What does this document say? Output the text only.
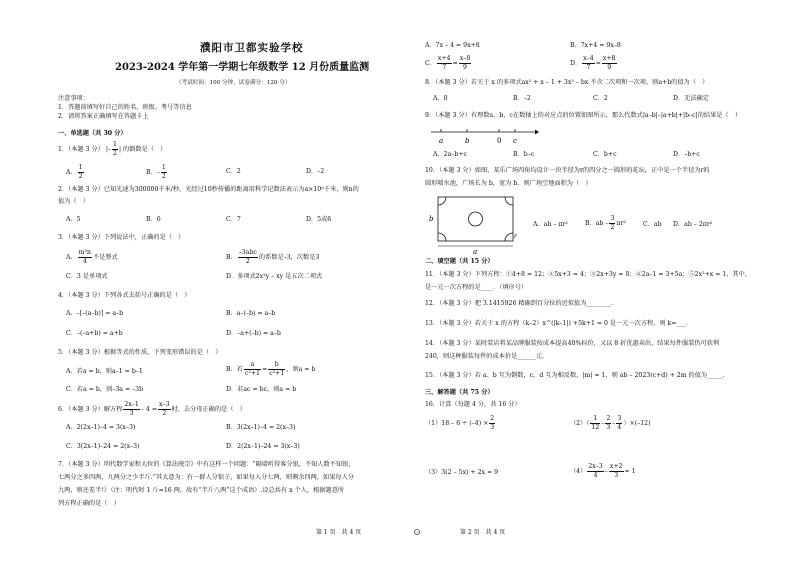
濮阳市卫都实验学校
2023-2024 学年第一学期七年级数学 12 月份质量监测
（考试时间：100 分钟，试卷满分：120 分）
注意事项：
1．答题前填写好自己的姓名、班级、考号等信息
2．请将答案正确填写在答题卡上
一、单选题（共 30 分）
1．（本题 3 分） |– $\frac{1}{2}$ | 的倒数是（　）
A． $\frac{1}{2}$	B．– $\frac{1}{2}$	C．2	D．–2
2．（本题 3 分）已知光速为300000千米/秒，光经过10秒传播的距离用科学记数法表示为a×10ⁿ千米，则n的
值为（　）
A．5	B．6	C．7	D．5或6
3．（本题 3 分）下列说法中，正确的是（　）
A． $\frac{\text{m²n}}{4}$ 不是整式	B． $\frac{\text{–3abc}}{2}$ 的系数是–3，次数是3
C．3 是单项式	D．多项式2x²y – xy 是五次二项式
4．（本题 3 分）下列各式去括号正确的是（　）
A．–[–(a–b)] = a–b	B．a–(–b) = a–b
C．–(–a+b) = a+b	D．–a+(–b) = a–b
5．（本题 3 分）根据等式的性质，下列变形错误的是（　）
A．若a = b，则a–1 = b–1	B．若 $\frac{a}{\text{c²+1}} = \frac{b}{\text{c²+1}}$ ，则a = b
C．若a = b，则–3a = –3b	D．若ac = bc，则a = b
6．（本题 3 分）解方程 $\frac{2x-1}{3} - 4 = \frac{x-3}{2}$ 时，去分母正确的是（　）
A．2(2x–1)–4 = 3(x–3)	B．3(2x–1)–4 = 2(x–3)
C．3(2x–1)–24 = 2(x–3)	D．2(2x–1)–24 = 3(x–3)
7．（本题 3 分）明代数学家程大位的《算法统宗》中有这样一个问题：“隔墙听得客分银，不知人数不知银，
七两分之多四两，九两分之少半斤.”其大意为：有一群人分银子，如果每人分七两，则剩余四两，如果每人分
九两，则还差半斤（注：明代时 1 斤=16 两，故有“半斤八两”这个成语）.设总共有 x 个人，根据题意所
列方程正确的是（　）
第 1 页　共 4 页
A．7x – 4 = 9x+8	B．7x+4 = 9x–8
C． $\frac{x+4}{7} = \frac{x-8}{9}$	D． $\frac{x-4}{7} = \frac{x+8}{9}$
8．（本题 3 分）若关于 x 的多项式ax² + x – 1 + 3x² – bx 不含二次项和一次项，则a+b的值为（　）
A．0	B．–2	C．2	D．无法确定
9．（本题 3 分）有理数a、b、c在数轴上的对应点的位置如图所示，那么代数式|a–b|–|a+b|+|b–c|的结果是（　）
a	b	0 c
A．2a–b+c	B．b–c	C．b+c	D．–b+c
10．（本题 3 分）如图，某乐广场四角均设计一块半径为r的四分之一圆形的花坛，正中是一个半径为r的
圆形喷水池，广场长为 b，宽为 b，则广场空地面积为（　）
a
b
r
A．ab – πr²	B．ab – $\frac{3}{2} \pi r^2$	C．ab D．ab – 2πr²
二、填空题（共 15 分）
11．（本题 3 分）下列方程：①4+8 = 12；②5x+3 = 4；③2x+3y = 0；④2a–1 = 3+5a；⑤2x²+x = 1，其中，
是一元一次方程的是____．（填序号）
12．（本题 3 分）把 3.1415926 精确到百分位的近似值为________.
13．（本题 3 分）若关于 x 的方程（k–2）x^(|k–1|) +5k+1 = 0 是一元一次方程，则 k=___．
14．（本题 3 分）某时装店将某品牌服装按成本提高40%标价，又以 8 折优惠卖出，结果每件服装仍可获利
240，则这种服装每件的成本价是______元.
15．（本题 3 分）若 a、b 互为倒数，c、d 互为相反数，|m| = 1，则 ab – 2023(c+d) + 2m 的值为_____．
三、解答题（共 75 分）
16．计算（每题 4 分，共 16 分）
$(1)18 - 6 \div (-4) \times \frac{2}{3}$	$(2)( \frac{1}{12} - \frac{2}{3} - \frac{3}{4} )\times(-12)$
（3）3(2 – 5x) + 2x = 9	$(4) \frac{2x-3}{4} - \frac{x+2}{3} = 1$
第 2 页　共 4 页
